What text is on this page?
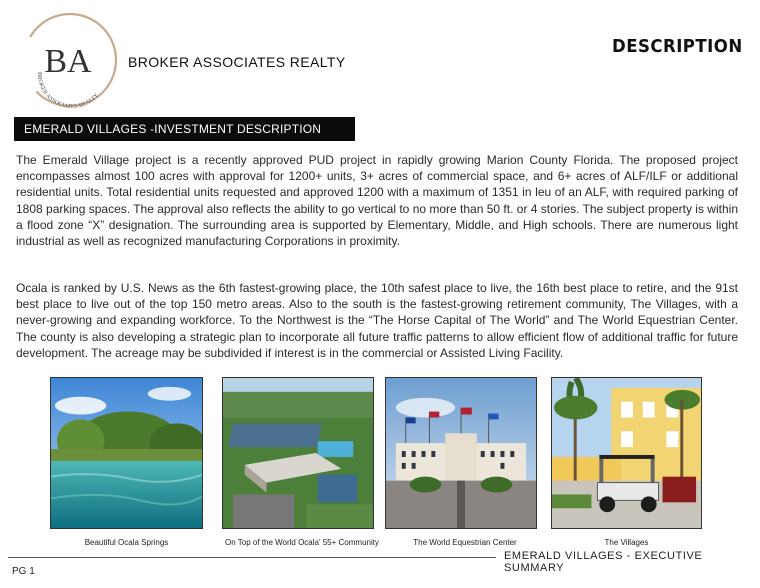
BA
BROKER ASSOCIATES REALTY
BROKER ASSOCIATES REALTY
DESCRIPTION
EMERALD VILLAGES -INVESTMENT DESCRIPTION

The Emerald Village project is a recently approved PUD project in rapidly growing Marion County Florida. The proposed project encompasses almost 100 acres with approval for 1200+ units, 3+ acres of commercial space, and 6+ acres of ALF/ILF or additional residential units. Total residential units requested and approved 1200 with a maximum of 1351 in leu of an ALF, with required parking of 1808 parking spaces. The approval also reflects the ability to go vertical to no more than 50 ft. or 4 stories. The subject property is within a flood zone “X” designation. The surrounding area is supported by Elementary, Middle, and High schools. There are numerous light industrial as well as recognized manufacturing Corporations in proximity.

Ocala is ranked by U.S. News as the 6th fastest-growing place, the 10th safest place to live, the 16th best place to retire, and the 91st best place to live out of the top 150 metro areas. Also to the south is the fastest-growing retirement community, The Villages, with a never-growing and expanding workforce. To the Northwest is the “The Horse Capital of The World” and The World Equestrian Center. The county is also developing a strategic plan to incorporate all future traffic patterns to allow efficient flow of additional traffic for future development. The acreage may be subdivided if interest is in the commercial or Assisted Living Facility.

Beautiful Ocala Springs	On Top of the World Ocala' 55+ Community	The World Equestrian Center	The Villages
EMERALD VILLAGES - EXECUTIVE SUMMARY
PG 1
